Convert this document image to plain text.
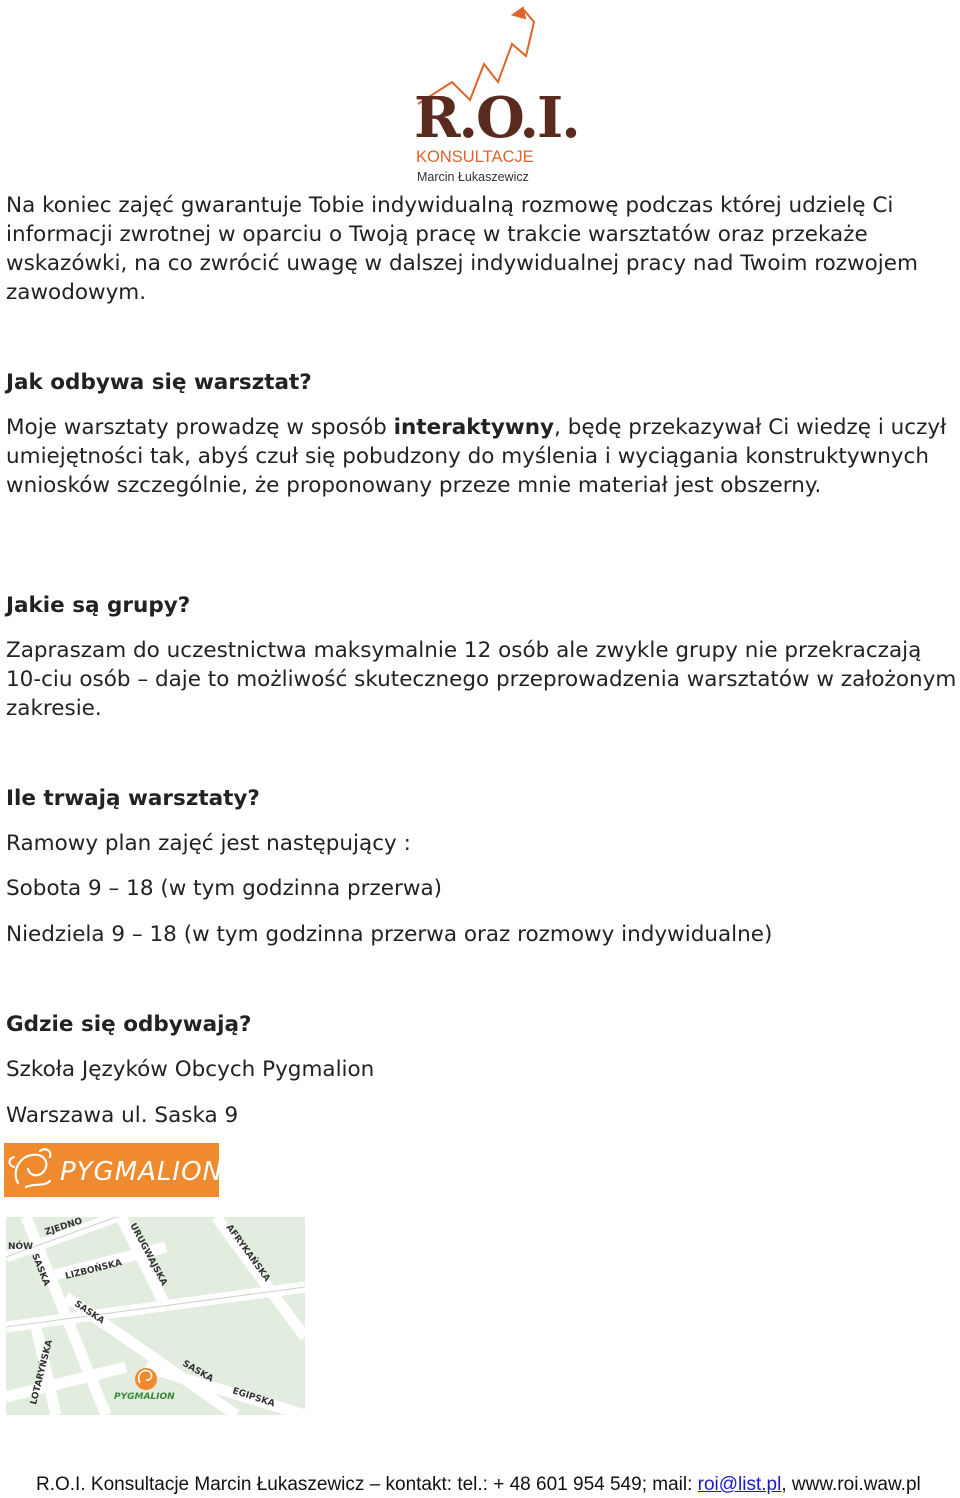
R.O.I.
KONSULTACJE
Marcin Łukaszewicz

Na koniec zajęć gwarantuje Tobie indywidualną rozmowę podczas której udzielę Ci informacji zwrotnej w oparciu o Twoją pracę w trakcie warsztatów oraz przekaże wskazówki, na co zwrócić uwagę w dalszej indywidualnej pracy nad Twoim rozwojem zawodowym.

Jak odbywa się warsztat?

Moje warsztaty prowadzę w sposób interaktywny, będę przekazywał Ci wiedzę i uczył umiejętności tak, abyś czuł się pobudzony do myślenia i wyciągania konstruktywnych wniosków szczególnie, że proponowany przeze mnie materiał jest obszerny.

Jakie są grupy?

Zapraszam do uczestnictwa maksymalnie 12 osób ale zwykle grupy nie przekraczają 10-ciu osób – daje to możliwość skutecznego przeprowadzenia warsztatów w założonym zakresie.

Ile trwają warsztaty?

Ramowy plan zajęć jest następujący :

Sobota 9 – 18 (w tym godzinna przerwa)

Niedziela 9 – 18 (w tym godzinna przerwa oraz rozmowy indywidualne)

Gdzie się odbywają?

Szkoła Języków Obcych Pygmalion

Warszawa ul. Saska 9

PYGMALION
NÓW
ZJEDNO	URUGWAJSKA	AFRYKAŃSKA
SASKA LIZBOŃSKA
SASKA
LOTARYŃSKA	SASKA
EGIPSKA
PYGMALION
R.O.I. Konsultacje Marcin Łukaszewicz – kontakt: tel.: + 48 601 954 549; mail: roi@list.pl, www.roi.waw.pl
